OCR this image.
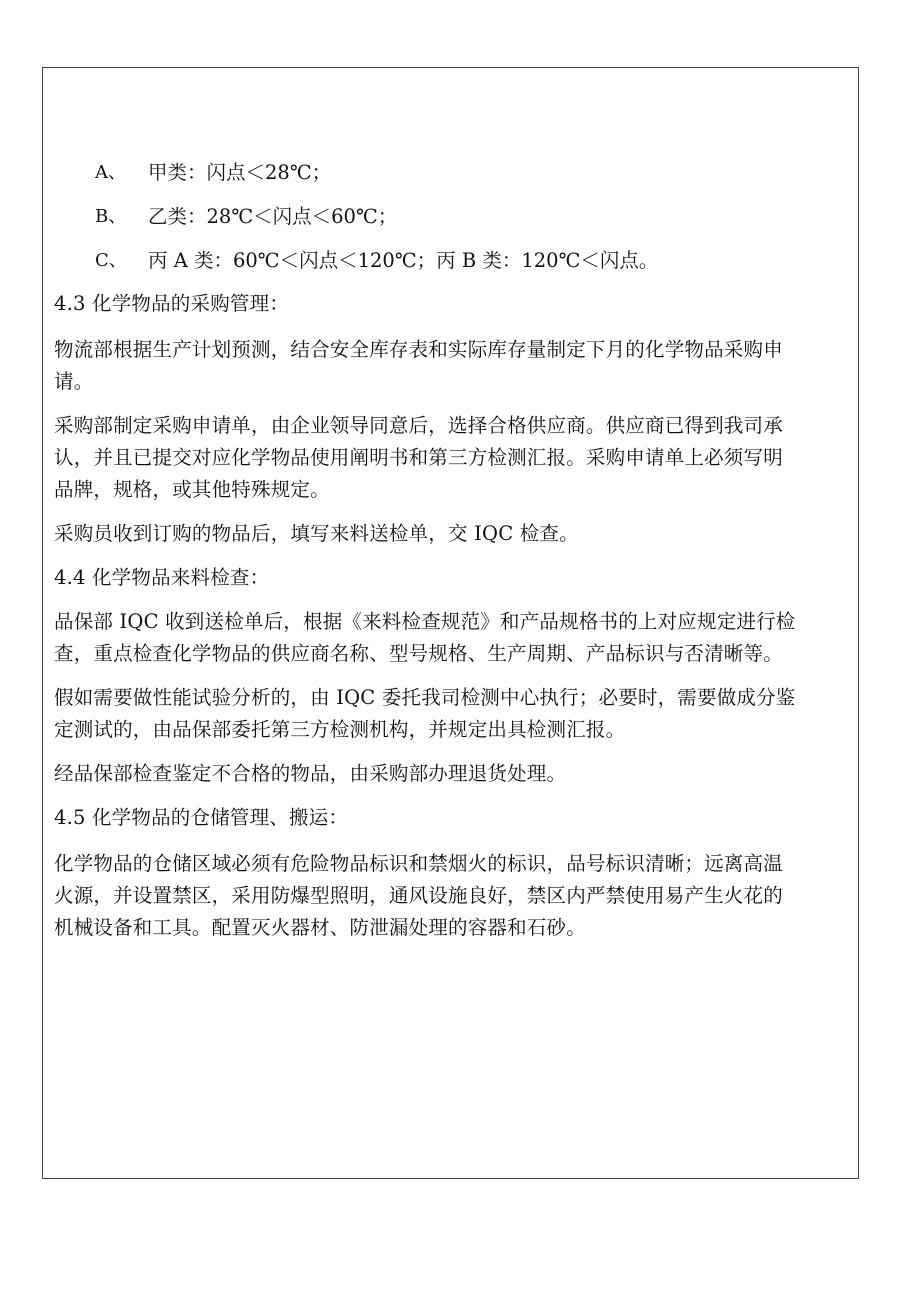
A、 甲类：闪点＜28℃；
B、 乙类：28℃＜闪点＜60℃；
C、 丙 A 类：60℃＜闪点＜120℃；丙 B 类：120℃＜闪点。
4.3 化学物品的采购管理：
物流部根据生产计划预测，结合安全库存表和实际库存量制定下月的化学物品采购申
请。
采购部制定采购申请单，由企业领导同意后，选择合格供应商。供应商已得到我司承
认，并且已提交对应化学物品使用阐明书和第三方检测汇报。采购申请单上必须写明
品牌，规格，或其他特殊规定。
采购员收到订购的物品后，填写来料送检单，交 IQC 检查。
4.4 化学物品来料检查：
品保部 IQC 收到送检单后，根据《来料检查规范》和产品规格书的上对应规定进行检
查，重点检查化学物品的供应商名称、型号规格、生产周期、产品标识与否清晰等。
假如需要做性能试验分析的，由 IQC 委托我司检测中心执行；必要时，需要做成分鉴
定测试的，由品保部委托第三方检测机构，并规定出具检测汇报。
经品保部检查鉴定不合格的物品，由采购部办理退货处理。
4.5 化学物品的仓储管理、搬运：
化学物品的仓储区域必须有危险物品标识和禁烟火的标识，品号标识清晰；远离高温
火源，并设置禁区，采用防爆型照明，通风设施良好，禁区内严禁使用易产生火花的
机械设备和工具。配置灭火器材、防泄漏处理的容器和石砂。
